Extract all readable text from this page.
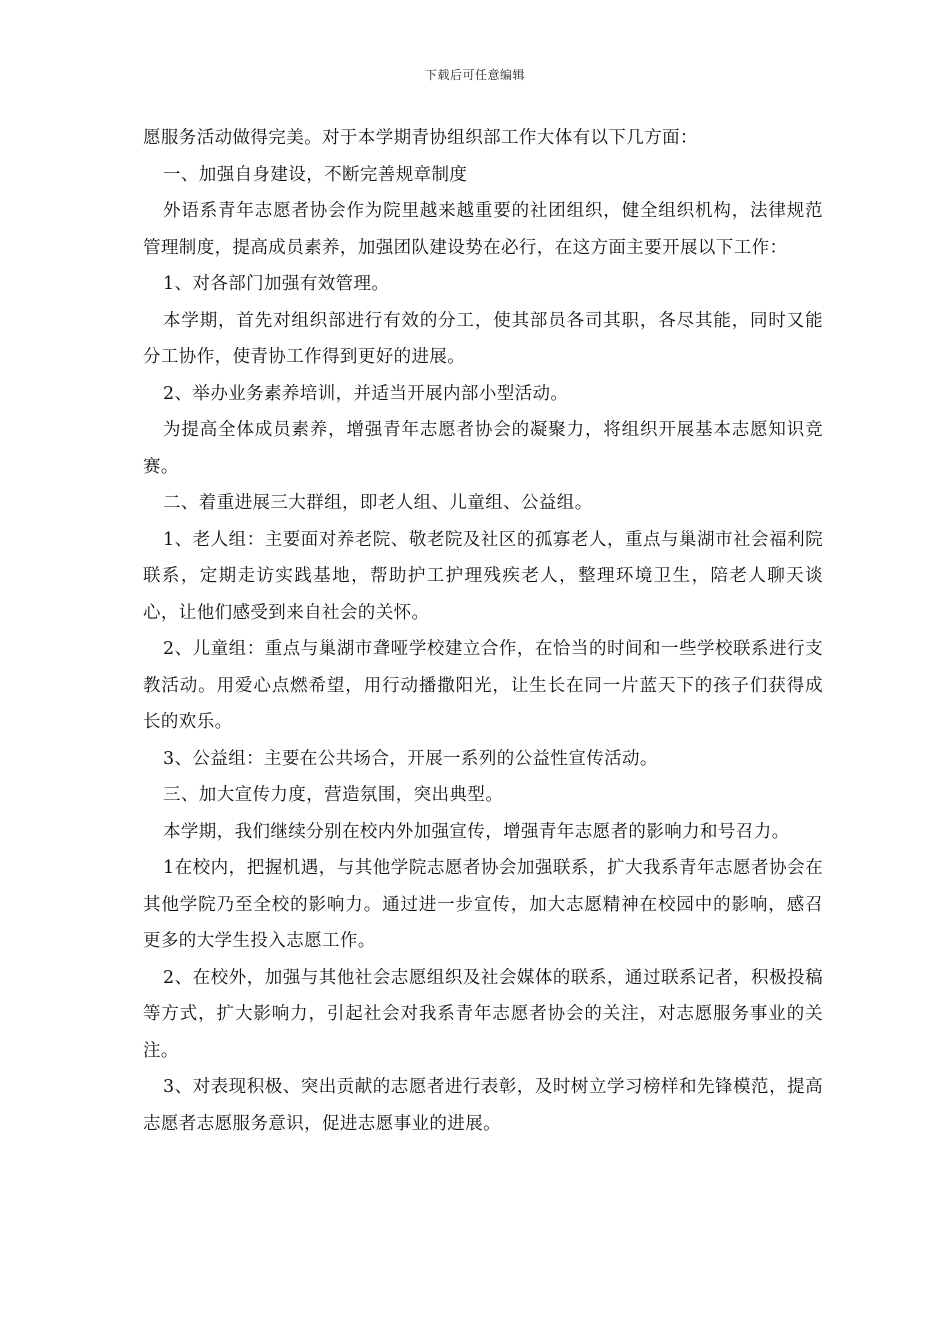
下载后可任意编辑

愿服务活动做得完美。对于本学期青协组织部工作大体有以下几方面：

一、加强自身建设，不断完善规章制度

外语系青年志愿者协会作为院里越来越重要的社团组织，健全组织机构，法律规范管理制度，提高成员素养，加强团队建设势在必行，在这方面主要开展以下工作：

1、对各部门加强有效管理。

本学期，首先对组织部进行有效的分工，使其部员各司其职，各尽其能，同时又能分工协作，使青协工作得到更好的进展。

2、举办业务素养培训，并适当开展内部小型活动。

为提高全体成员素养，增强青年志愿者协会的凝聚力，将组织开展基本志愿知识竞赛。

二、着重进展三大群组，即老人组、儿童组、公益组。

1、老人组：主要面对养老院、敬老院及社区的孤寡老人，重点与巢湖市社会福利院联系，定期走访实践基地，帮助护工护理残疾老人，整理环境卫生，陪老人聊天谈心，让他们感受到来自社会的关怀。

2、儿童组：重点与巢湖市聋哑学校建立合作，在恰当的时间和一些学校联系进行支教活动。用爱心点燃希望，用行动播撒阳光，让生长在同一片蓝天下的孩子们获得成长的欢乐。

3、公益组：主要在公共场合，开展一系列的公益性宣传活动。

三、加大宣传力度，营造氛围，突出典型。

本学期，我们继续分别在校内外加强宣传，增强青年志愿者的影响力和号召力。

1在校内，把握机遇，与其他学院志愿者协会加强联系，扩大我系青年志愿者协会在其他学院乃至全校的影响力。通过进一步宣传，加大志愿精神在校园中的影响，感召更多的大学生投入志愿工作。

2、在校外，加强与其他社会志愿组织及社会媒体的联系，通过联系记者，积极投稿等方式，扩大影响力，引起社会对我系青年志愿者协会的关注，对志愿服务事业的关注。

3、对表现积极、突出贡献的志愿者进行表彰，及时树立学习榜样和先锋模范，提高志愿者志愿服务意识，促进志愿事业的进展。
